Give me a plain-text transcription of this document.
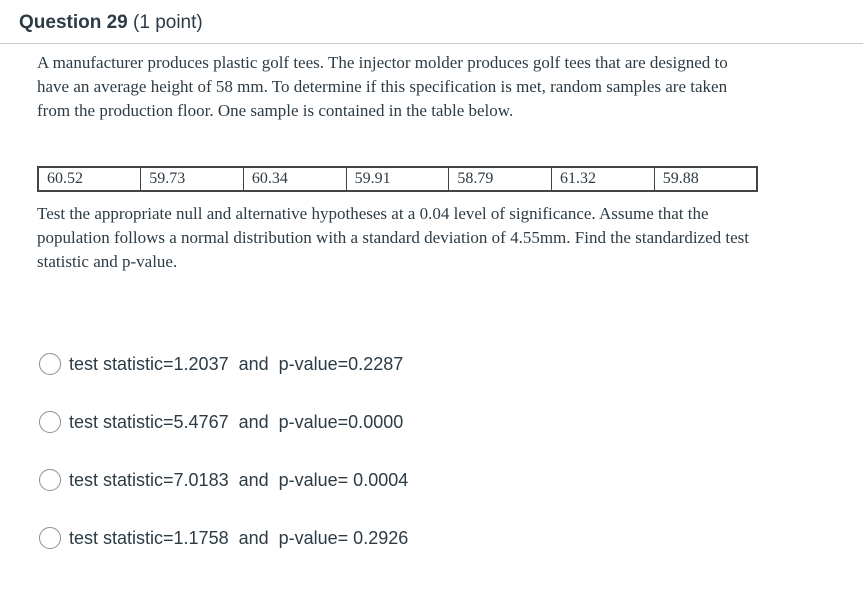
Question 29 (1 point)

A manufacturer produces plastic golf tees. The injector molder produces golf tees that are designed to have an average height of 58 mm. To determine if this specification is met, random samples are taken from the production floor. One sample is contained in the table below.

60.52	59.73	60.34	59.91	58.79	61.32	59.88

Test the appropriate null and alternative hypotheses at a 0.04 level of significance. Assume that the population follows a normal distribution with a standard deviation of 4.55mm. Find the standardized test statistic and p-value.

test statistic=1.2037  and  p-value=0.2287
test statistic=5.4767  and  p-value=0.0000
test statistic=7.0183  and  p-value= 0.0004
test statistic=1.1758  and  p-value= 0.2926
